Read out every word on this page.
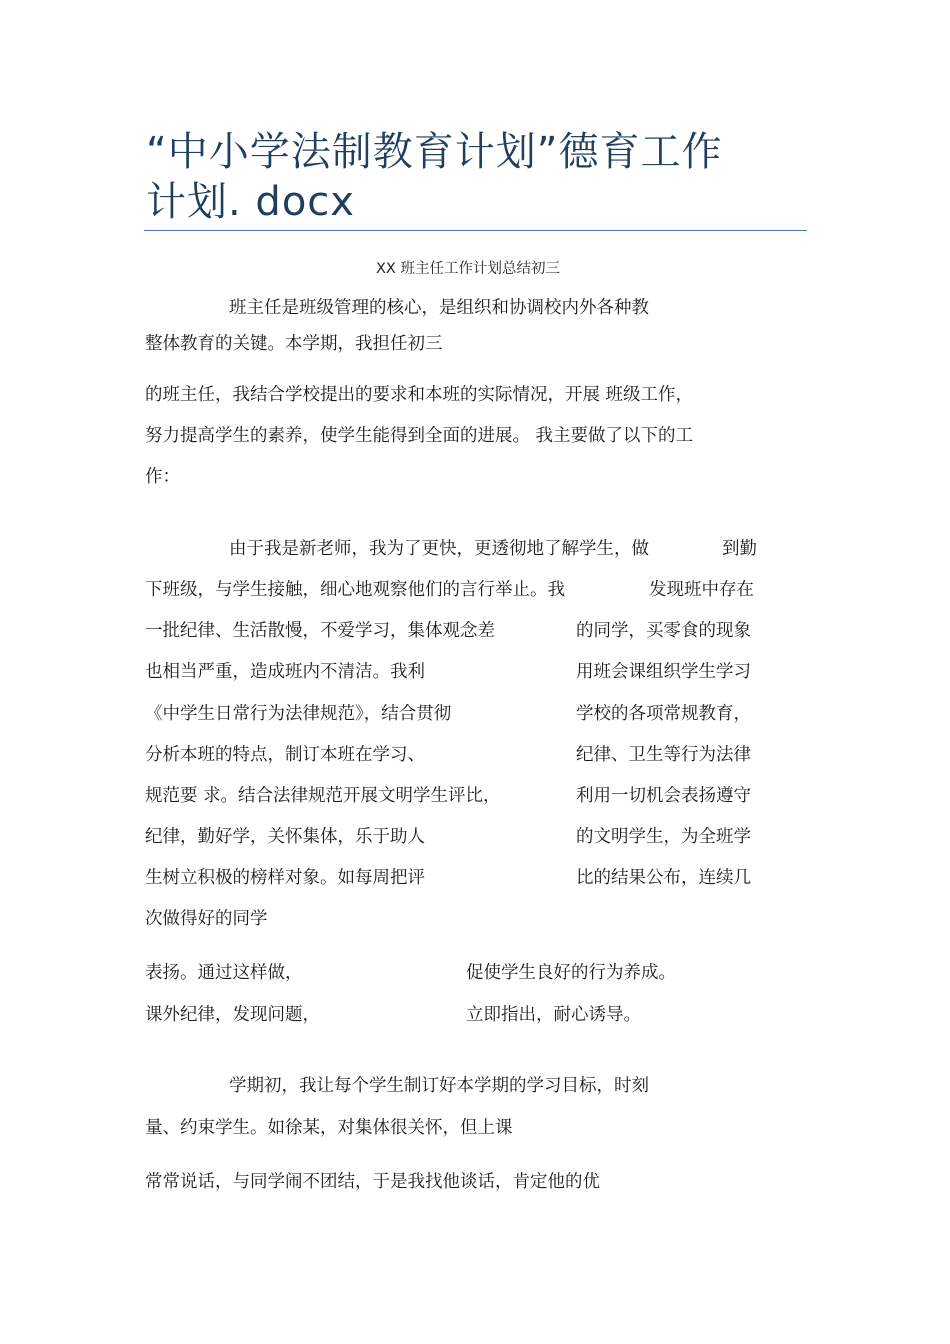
“中小学法制教育计划”德育工作
计划. docx
XX 班主任工作计划总结初三
班主任是班级管理的核心，是组织和协调校内外各种教
整体教育的关键。本学期，我担任初三
的班主任，我结合学校提出的要求和本班的实际情况，开展 班级工作，
努力提高学生的素养，使学生能得到全面的进展。 我主要做了以下的工
作：
由于我是新老师，我为了更快，更透彻地了解学生，做	到勤
下班级，与学生接触，细心地观察他们的言行举止。我	发现班中存在
一批纪律、生活散慢，不爱学习，集体观念差	的同学，买零食的现象
也相当严重，造成班内不清洁。我利	用班会课组织学生学习
《中学生日常行为法律规范》，结合贯彻	学校的各项常规教育，
分析本班的特点，制订本班在学习、	纪律、卫生等行为法律
规范要 求。结合法律规范开展文明学生评比，	利用一切机会表扬遵守
纪律，勤好学，关怀集体，乐于助人	的文明学生，为全班学
生树立积极的榜样对象。如每周把评	比的结果公布，连续几
次做得好的同学
表扬。通过这样做，	促使学生良好的行为养成。
课外纪律，发现问题，	立即指出，耐心诱导。
学期初，我让每个学生制订好本学期的学习目标，时刻
量、约束学生。如徐某，对集体很关怀，但上课
常常说话，与同学闹不团结，于是我找他谈话，肯定他的优
